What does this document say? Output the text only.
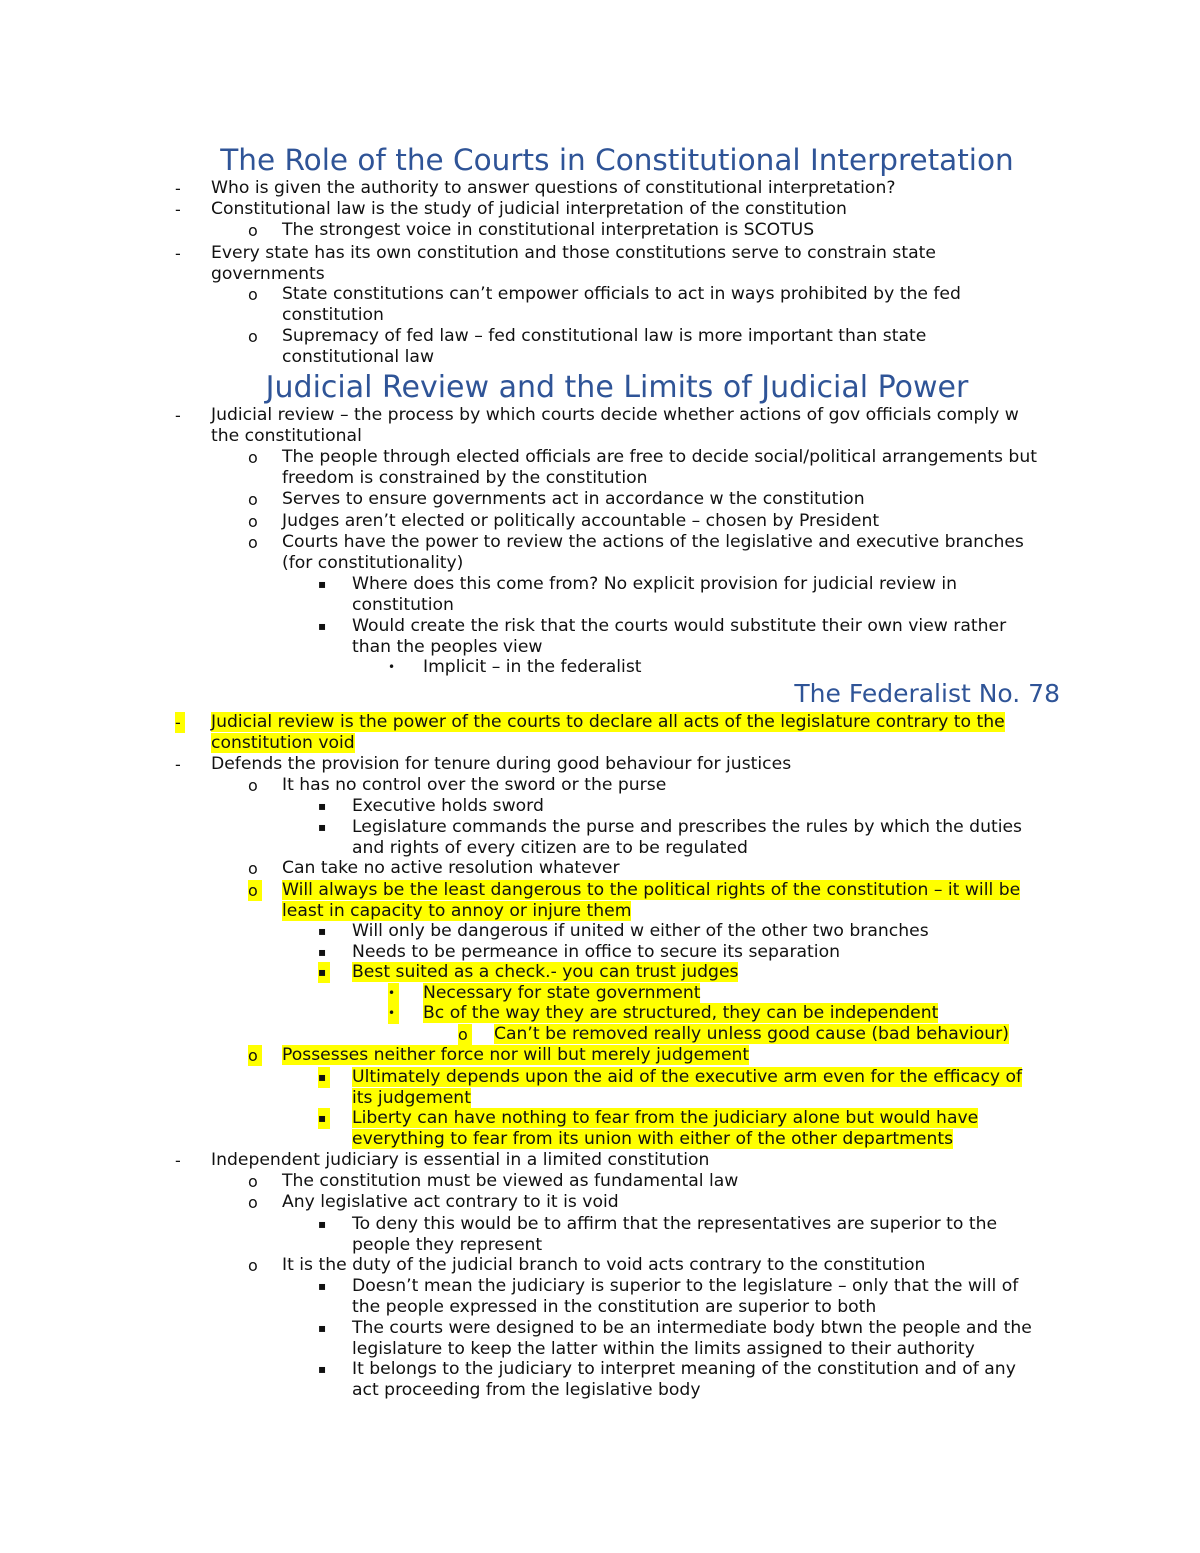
The Role of the Courts in Constitutional Interpretation
Judicial Review and the Limits of Judicial Power
The Federalist No. 78
- Who is given the authority to answer questions of constitutional interpretation?
- Constitutional law is the study of judicial interpretation of the constitution
o The strongest voice in constitutional interpretation is SCOTUS
- Every state has its own constitution and those constitutions serve to constrain state
governments
o State constitutions can’t empower officials to act in ways prohibited by the fed
constitution
o Supremacy of fed law – fed constitutional law is more important than state
constitutional law
- Judicial review – the process by which courts decide whether actions of gov officials comply w
the constitutional
o The people through elected officials are free to decide social/political arrangements but
freedom is constrained by the constitution
o Serves to ensure governments act in accordance w the constitution
o Judges aren’t elected or politically accountable – chosen by President
o Courts have the power to review the actions of the legislative and executive branches
(for constitutionality)
▪ Where does this come from? No explicit provision for judicial review in
constitution
▪ Would create the risk that the courts would substitute their own view rather
than the peoples view
• Implicit – in the federalist
- Judicial review is the power of the courts to declare all acts of the legislature contrary to the
constitution void
- Defends the provision for tenure during good behaviour for justices
o It has no control over the sword or the purse
▪ Executive holds sword
▪ Legislature commands the purse and prescribes the rules by which the duties
and rights of every citizen are to be regulated
o Can take no active resolution whatever
o Will always be the least dangerous to the political rights of the constitution – it will be
least in capacity to annoy or injure them
▪ Will only be dangerous if united w either of the other two branches
▪ Needs to be permeance in office to secure its separation
▪ Best suited as a check.- you can trust judges
• Necessary for state government
• Bc of the way they are structured, they can be independent
o Can’t be removed really unless good cause (bad behaviour)
o Possesses neither force nor will but merely judgement
▪ Ultimately depends upon the aid of the executive arm even for the efficacy of
its judgement
▪ Liberty can have nothing to fear from the judiciary alone but would have
everything to fear from its union with either of the other departments
- Independent judiciary is essential in a limited constitution
o The constitution must be viewed as fundamental law
o Any legislative act contrary to it is void
▪ To deny this would be to affirm that the representatives are superior to the
people they represent
o It is the duty of the judicial branch to void acts contrary to the constitution
▪ Doesn’t mean the judiciary is superior to the legislature – only that the will of
the people expressed in the constitution are superior to both
▪ The courts were designed to be an intermediate body btwn the people and the
legislature to keep the latter within the limits assigned to their authority
▪ It belongs to the judiciary to interpret meaning of the constitution and of any
act proceeding from the legislative body
